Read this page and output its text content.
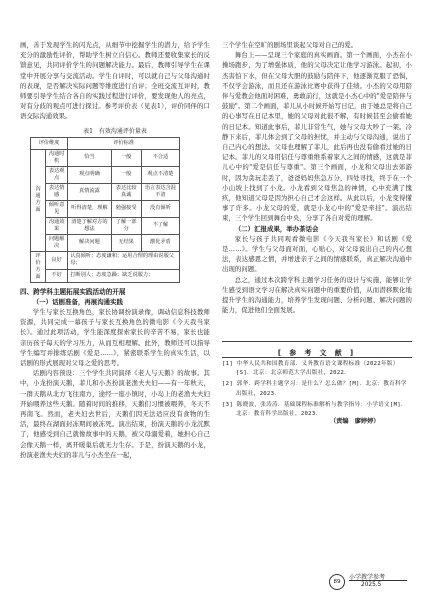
画，善于发现学生的闪光点，从细节中挖掘学生的潜力，给予学生充分的激励性评价，帮助学生树立自信心。教师还要收集家长的反馈意见，共同评价学生的问题解决能力。最后，教师引导学生在课堂中开展分享与交流活动。学生自评时，可以就自己与父母沟通时的表现，是否解决实际问题等维度进行自评；全班交流互评时，教师要引导学生结合各自的实践过程进行评价，要发现他人的亮点，对有分歧的观点可进行探讨。参考评价表（见表1），评价同伴的口语交际沟通效果。

表1　有效沟通评价量表
评价维度		评价标准		
沟通方面	沟通时机	恰当	一般	不合适
	表达观点	观点明确	一般	观点不清楚
	表达情感	真情流露	表达比较真诚	语言表达含混不清
	倾听意见	听得清楚，理解	勉强接受	没有倾听
	沟通效果	清楚了解对方的想法	了解一部分	不了解
	问题解决	解决问题	无结果	激化矛盾
评价方面	良好	认真倾听；态度谦和；运用合理的理由说服父母；		
	不好	打断别人；态度急躁；缺乏说服力；		
四、跨学科主题拓展实践活动的开展

（一）话剧准备，再展沟通实践

学生与家长互换角色，家长协调扮演录像，调动信息科技教师资源，共同完成一幕孩子与家长互换角色的微电影《今天我当家长》。通过此项活动，学生能深度探索家长的辛苦不易，家长也能亲历孩子每天的学习压力，从而互相理解。此外，教师还可以指导学生编写并排练话剧《爱是……》，紧密联系学生的真实生活，以话剧的形式展现对父母之爱的思考。

话剧内容预设：三个学生共同演绎《老人与天鹅》的故事。其中，小龙扮演天鹅，菲儿和小杰扮演老渔夫夫妇——有一年秋天，一群天鹅从北方飞往南方，途经一座小镇时，小岛上的老渔夫夫妇开始喂养这些天鹅。随着时间的推移，天鹅们习惯被喂养，冬天不再南飞。然而，老夫妇去世后，天鹅们因无法适应没有食物的生活，最终在湖面封冻期间被冻死。演出结束，扮演天鹅的小龙沉默了，他感受到自己就像故事中的天鹅，被父母溺爱着，她担心自己会像天鹅一样，离开暖巢后就无力生存。于是，扮演天鹅的小龙，扮演老渔夫夫妇的菲儿与小杰坐在一起，

三个学生在空旷的剧场里谈起父母对自己的爱。

舞台上——呈现三个家庭的真实画面。第一个画面，小杰在小操场跑步，为了增强体质，他的父母决定让他学习游泳。起初，小杰害怕下水，但在父母大胆的鼓励与陪伴下，他逐渐克服了恐惧，不仅学会游泳，而且还在游泳比赛中获得了佳绩。小杰的父母用陪伴与爱教会他面对困难，勇敢前行，这就是小杰心中的"爱是陪伴与鼓励"。第二个画面，菲儿从小时候开始写日记，由于她总是将自己的心事写在日记本里，她的父母对此很不解，有时候甚至会偷看她的日记本。知道此事后，菲儿非常生气，她与父母大吵了一架。冷静下来后，菲儿体会到了父母的担忧，并主动与父母沟通，说出了自己内心的想法。父母也理解了菲儿，此后再也没有偷看过她的日记本。菲儿的父母用信任与尊重维系着家人之间的情感，这就是菲儿心中的"爱是信任与尊重"。第三个画面，小龙和父母出去郊游时，因为贪玩走丢了，爸爸妈妈焦急万分，四处寻找，终于在一个小山坡上找到了小龙。小龙看到父母焦急的神情，心中充满了愧疚，他知道父母是因为担心自己才会这样。从此以后，小龙变得懂事了许多。小龙父母的爱，就是小龙心中的"爱是牵挂"。演出结束，三个学生回到舞台中央，分享了各自对爱的理解。

（二）汇报成果，举办茶话会

家长与孩子共同观看微电影《今天我当家长》和话剧《爱是……》。学生与父母面对面，心贴心，对父母说出自己的内心想法，表达感恩之情，并增进亲子之间的情感联系，真正解决沟通中出现的问题。

总之，通过本次跨学科主题学习任务的设计与实施，能够让学生感受到语文学习在解决真实问题中的重要价值，从而潜移默化地提升学生的沟通能力，培养学生发现问题、分析问题、解决问题的能力，促进他们全面发展。

[ 参 考 文 献 ]

[1] 中华人民共和国教育部．义务教育语文课程标准（2022年版）[S]．北京：北京师范大学出版社，2022．

[2] 郭华．跨学科主题学习：是什么？怎么做？[M]．北京：教育科学出版社，2023．

[3] 陈晓波，张涛涛．基础课程标准解析与教学指导：小学语文[M]．北京：教育科学出版社，2023．

（责编　廖婷婷）
89
小学教学参考
2025.5
